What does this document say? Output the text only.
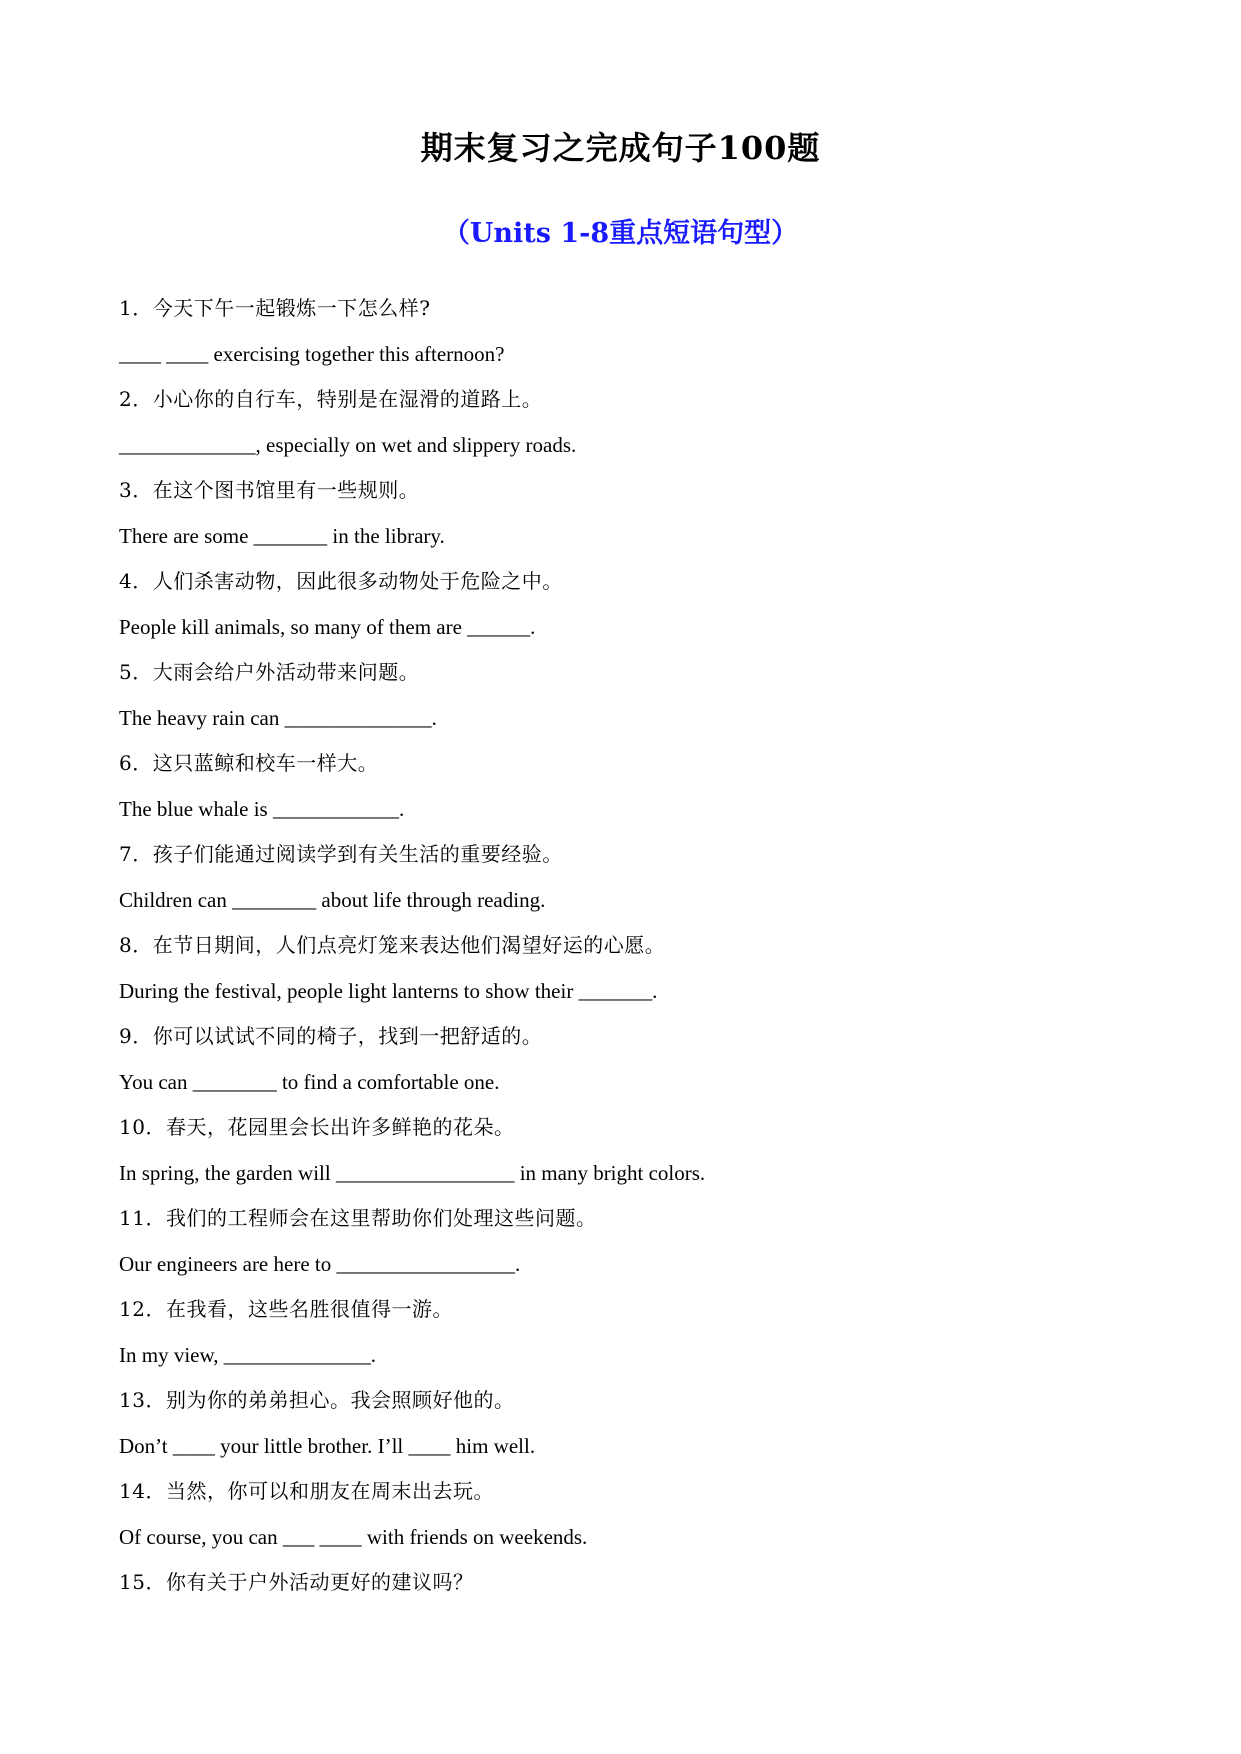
期末复习之完成句子100题
（Units 1-8重点短语句型）
1．今天下午一起锻炼一下怎么样?
____ ____ exercising together this afternoon?
2．小心你的自行车，特别是在湿滑的道路上。
_____________, especially on wet and slippery roads.
3．在这个图书馆里有一些规则。
There are some _______ in the library.
4．人们杀害动物，因此很多动物处于危险之中。
People kill animals, so many of them are ______.
5．大雨会给户外活动带来问题。
The heavy rain can ______________.
6．这只蓝鲸和校车一样大。
The blue whale is ____________.
7．孩子们能通过阅读学到有关生活的重要经验。
Children can ________ about life through reading.
8．在节日期间，人们点亮灯笼来表达他们渴望好运的心愿。
During the festival, people light lanterns to show their _______.
9．你可以试试不同的椅子，找到一把舒适的。
You can ________ to find a comfortable one.
10．春天，花园里会长出许多鲜艳的花朵。
In spring, the garden will _________________ in many bright colors.
11．我们的工程师会在这里帮助你们处理这些问题。
Our engineers are here to _________________.
12．在我看，这些名胜很值得一游。
In my view, ______________.
13．别为你的弟弟担心。我会照顾好他的。
Don’t ____ your little brother. I’ll ____ him well.
14．当然，你可以和朋友在周末出去玩。
Of course, you can ___ ____ with friends on weekends.
15．你有关于户外活动更好的建议吗？
